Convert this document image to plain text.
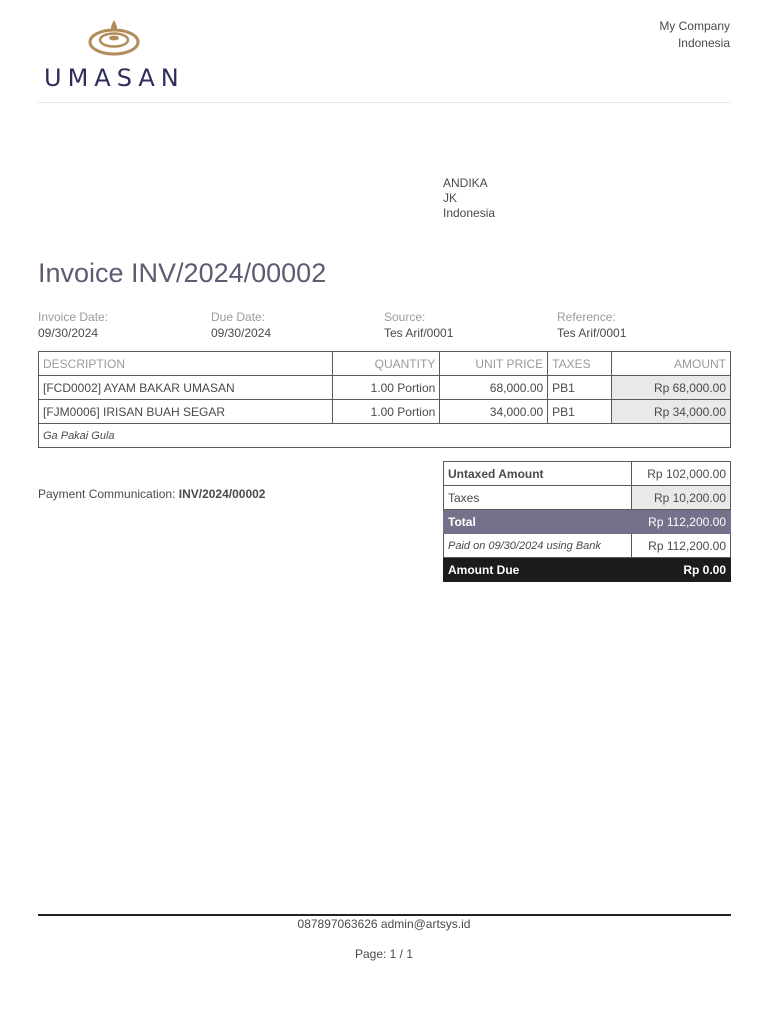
UMASAN
My Company
Indonesia
ANDIKA
JK
Indonesia
Invoice INV/2024/00002
Invoice Date:
09/30/2024
Due Date:
09/30/2024
Source:
Tes Arif/0001
Reference:
Tes Arif/0001
DESCRIPTION	QUANTITY	UNIT PRICE	TAXES	AMOUNT
[FCD0002] AYAM BAKAR UMASAN	1.00 Portion	68,000.00	PB1	Rp 68,000.00
[FJM0006] IRISAN BUAH SEGAR	1.00 Portion	34,000.00	PB1	Rp 34,000.00
Ga Pakai Gula				
Payment Communication: INV/2024/00002
Untaxed Amount	Rp 102,000.00
Taxes	Rp 10,200.00
Total	Rp 112,200.00
Paid on 09/30/2024 using Bank	Rp 112,200.00
Amount Due	Rp 0.00
087897063626 admin@artsys.id
Page: 1 / 1
